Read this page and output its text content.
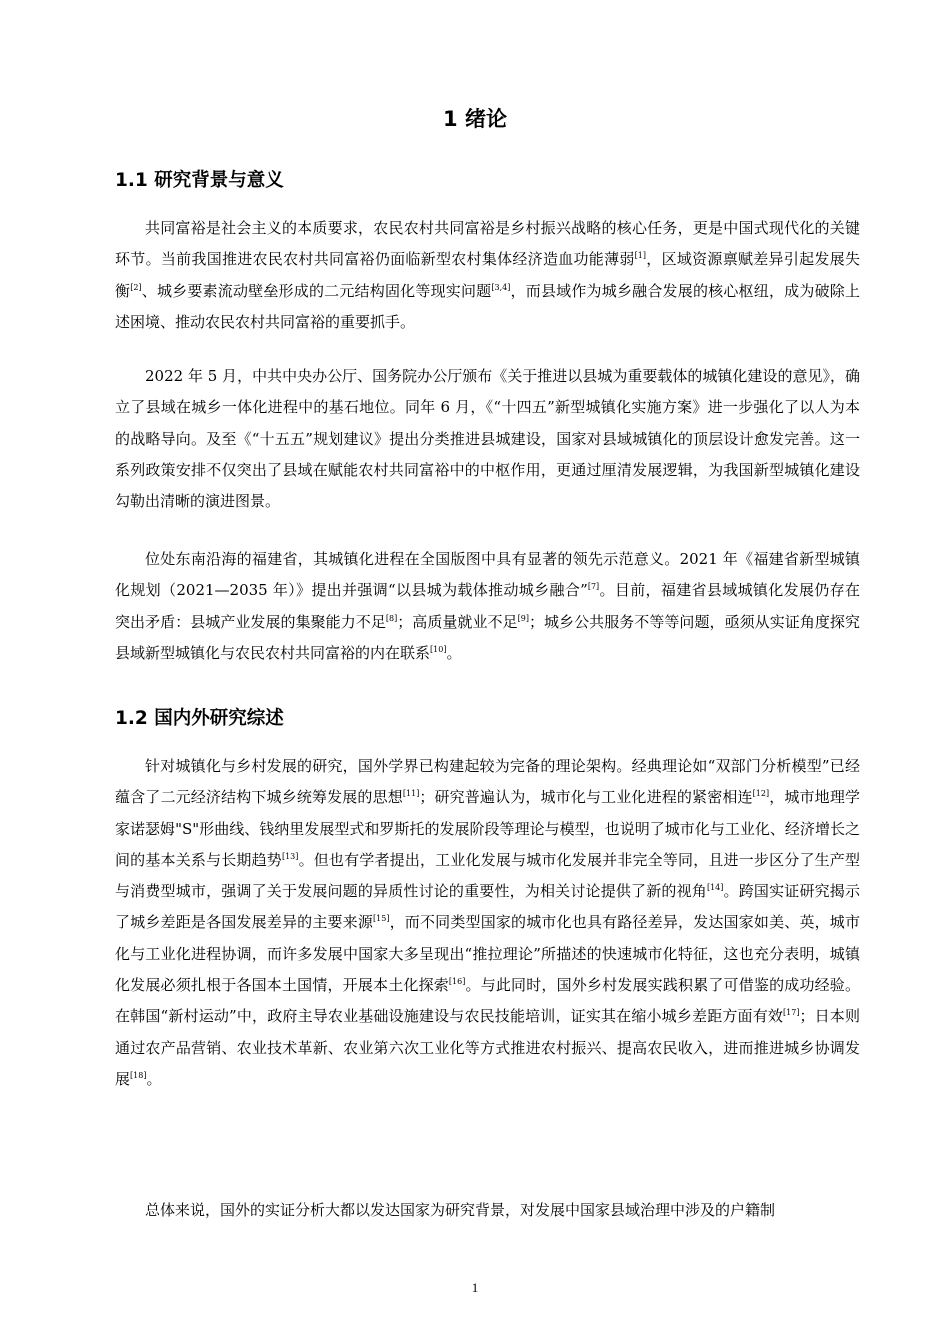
1 绪论
1.1 研究背景与意义
共同富裕是社会主义的本质要求，农民农村共同富裕是乡村振兴战略的核心任务，更是中国式现代化的关键环节。当前我国推进农民农村共同富裕仍面临新型农村集体经济造血功能薄弱[1]，区域资源禀赋差异引起发展失衡[2]、城乡要素流动壁垒形成的二元结构固化等现实问题[3,4]，而县域作为城乡融合发展的核心枢纽，成为破除上述困境、推动农民农村共同富裕的重要抓手。
2022 年 5 月，中共中央办公厅、国务院办公厅颁布《关于推进以县城为重要载体的城镇化建设的意见》，确立了县域在城乡一体化进程中的基石地位。同年 6 月，《“十四五”新型城镇化实施方案》进一步强化了以人为本的战略导向。及至《“十五五”规划建议》提出分类推进县城建设，国家对县域城镇化的顶层设计愈发完善。这一系列政策安排不仅突出了县域在赋能农村共同富裕中的中枢作用，更通过厘清发展逻辑，为我国新型城镇化建设勾勒出清晰的演进图景。
位处东南沿海的福建省，其城镇化进程在全国版图中具有显著的领先示范意义。2021 年《福建省新型城镇化规划（2021—2035 年）》提出并强调“以县城为载体推动城乡融合”[7]。目前，福建省县域城镇化发展仍存在突出矛盾：县城产业发展的集聚能力不足[8]；高质量就业不足[9]；城乡公共服务不等等问题，亟须从实证角度探究县域新型城镇化与农民农村共同富裕的内在联系[10]。
1.2 国内外研究综述
针对城镇化与乡村发展的研究，国外学界已构建起较为完备的理论架构。经典理论如“双部门分析模型”已经蕴含了二元经济结构下城乡统筹发展的思想[11]；研究普遍认为，城市化与工业化进程的紧密相连[12]，城市地理学家诺瑟姆"S"形曲线、钱纳里发展型式和罗斯托的发展阶段等理论与模型，也说明了城市化与工业化、经济增长之间的基本关系与长期趋势[13]。但也有学者提出，工业化发展与城市化发展并非完全等同，且进一步区分了生产型与消费型城市，强调了关于发展问题的异质性讨论的重要性，为相关讨论提供了新的视角[14]。跨国实证研究揭示了城乡差距是各国发展差异的主要来源[15]，而不同类型国家的城市化也具有路径差异，发达国家如美、英，城市化与工业化进程协调，而许多发展中国家大多呈现出“推拉理论”所描述的快速城市化特征，这也充分表明，城镇化发展必须扎根于各国本土国情，开展本土化探索[16]。与此同时，国外乡村发展实践积累了可借鉴的成功经验。在韩国“新村运动”中，政府主导农业基础设施建设与农民技能培训，证实其在缩小城乡差距方面有效[17]；日本则通过农产品营销、农业技术革新、农业第六次工业化等方式推进农村振兴、提高农民收入，进而推进城乡协调发展[18]。
总体来说，国外的实证分析大都以发达国家为研究背景，对发展中国家县域治理中涉及的户籍制
1
